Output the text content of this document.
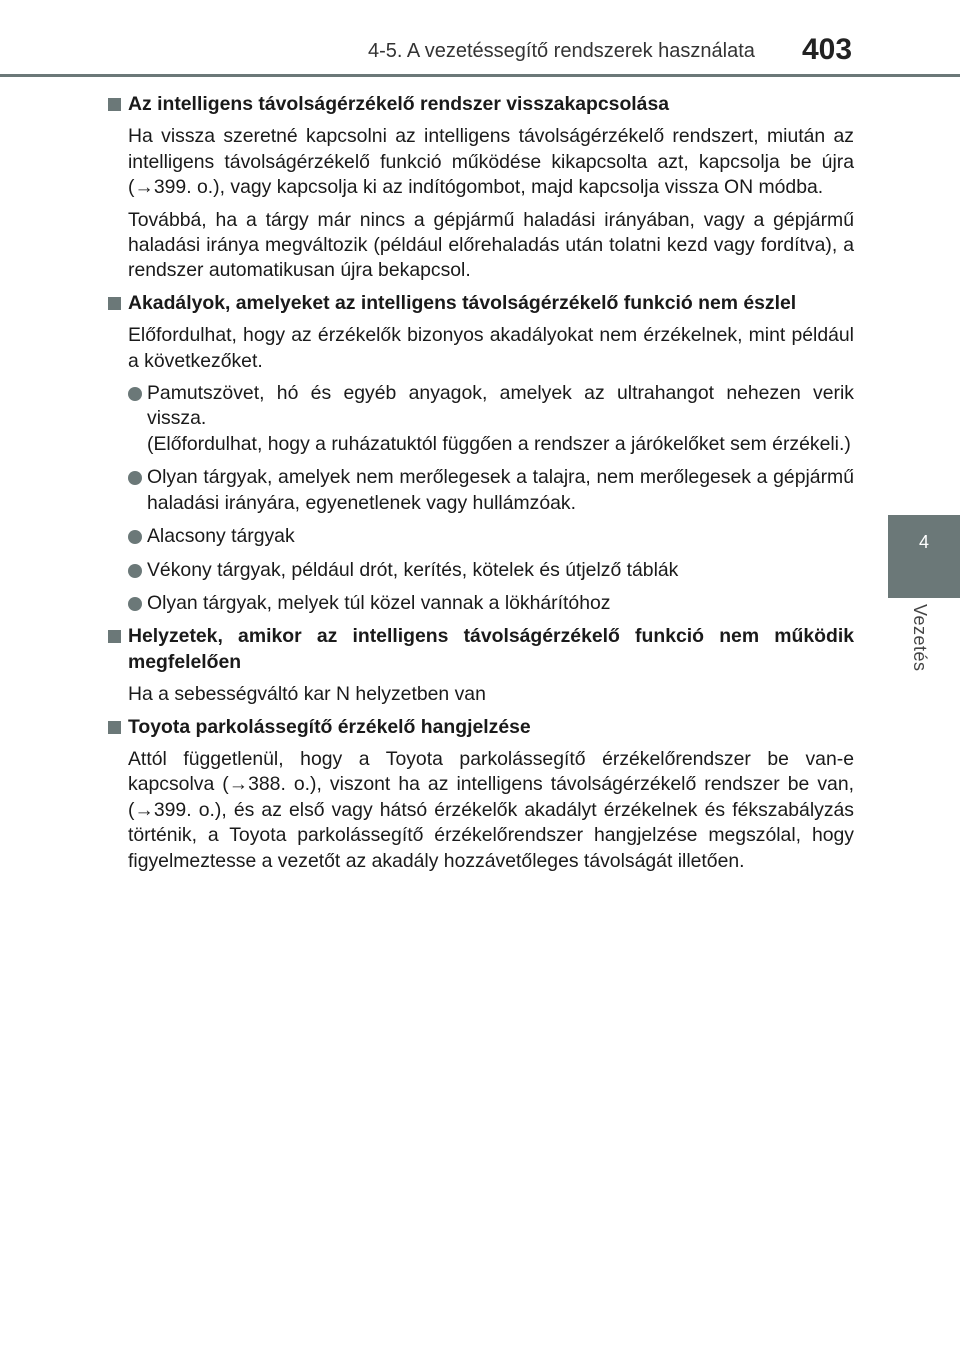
4-5. A vezetéssegítő rendszerek használata	403
4
Vezetés
Az intelligens távolságérzékelő rendszer visszakapcsolása

Ha vissza szeretné kapcsolni az intelligens távolságérzékelő rendszert, miután az intelligens távolságérzékelő funkció működése kikapcsolta azt, kapcsolja be újra (→399. o.), vagy kapcsolja ki az indítógombot, majd kapcsolja vissza ON módba.

Továbbá, ha a tárgy már nincs a gépjármű haladási irányában, vagy a gépjármű haladási iránya megváltozik (például előrehaladás után tolatni kezd vagy fordítva), a rendszer automatikusan újra bekapcsol.

Akadályok, amelyeket az intelligens távolságérzékelő funkció nem észlel

Előfordulhat, hogy az érzékelők bizonyos akadályokat nem érzékelnek, mint például a következőket.

Pamutszövet, hó és egyéb anyagok, amelyek az ultrahangot nehezen verik vissza.
(Előfordulhat, hogy a ruházatuktól függően a rendszer a járókelőket sem érzékeli.)
Olyan tárgyak, amelyek nem merőlegesek a talajra, nem merőlegesek a gépjármű haladási irányára, egyenetlenek vagy hullámzóak.
Alacsony tárgyak
Vékony tárgyak, például drót, kerítés, kötelek és útjelző táblák
Olyan tárgyak, melyek túl közel vannak a lökhárítóhoz
Helyzetek, amikor az intelligens távolságérzékelő funkció nem működik megfelelően

Ha a sebességváltó kar N helyzetben van

Toyota parkolássegítő érzékelő hangjelzése

Attól függetlenül, hogy a Toyota parkolássegítő érzékelőrendszer be van-e kapcsolva (→388. o.), viszont ha az intelligens távolságérzékelő rendszer be van, (→399. o.), és az első vagy hátsó érzékelők akadályt érzékelnek és fékszabályzás történik, a Toyota parkolássegítő érzékelőrendszer hangjelzése megszólal, hogy figyelmeztesse a vezetőt az akadály hozzávetőleges távolságát illetően.
